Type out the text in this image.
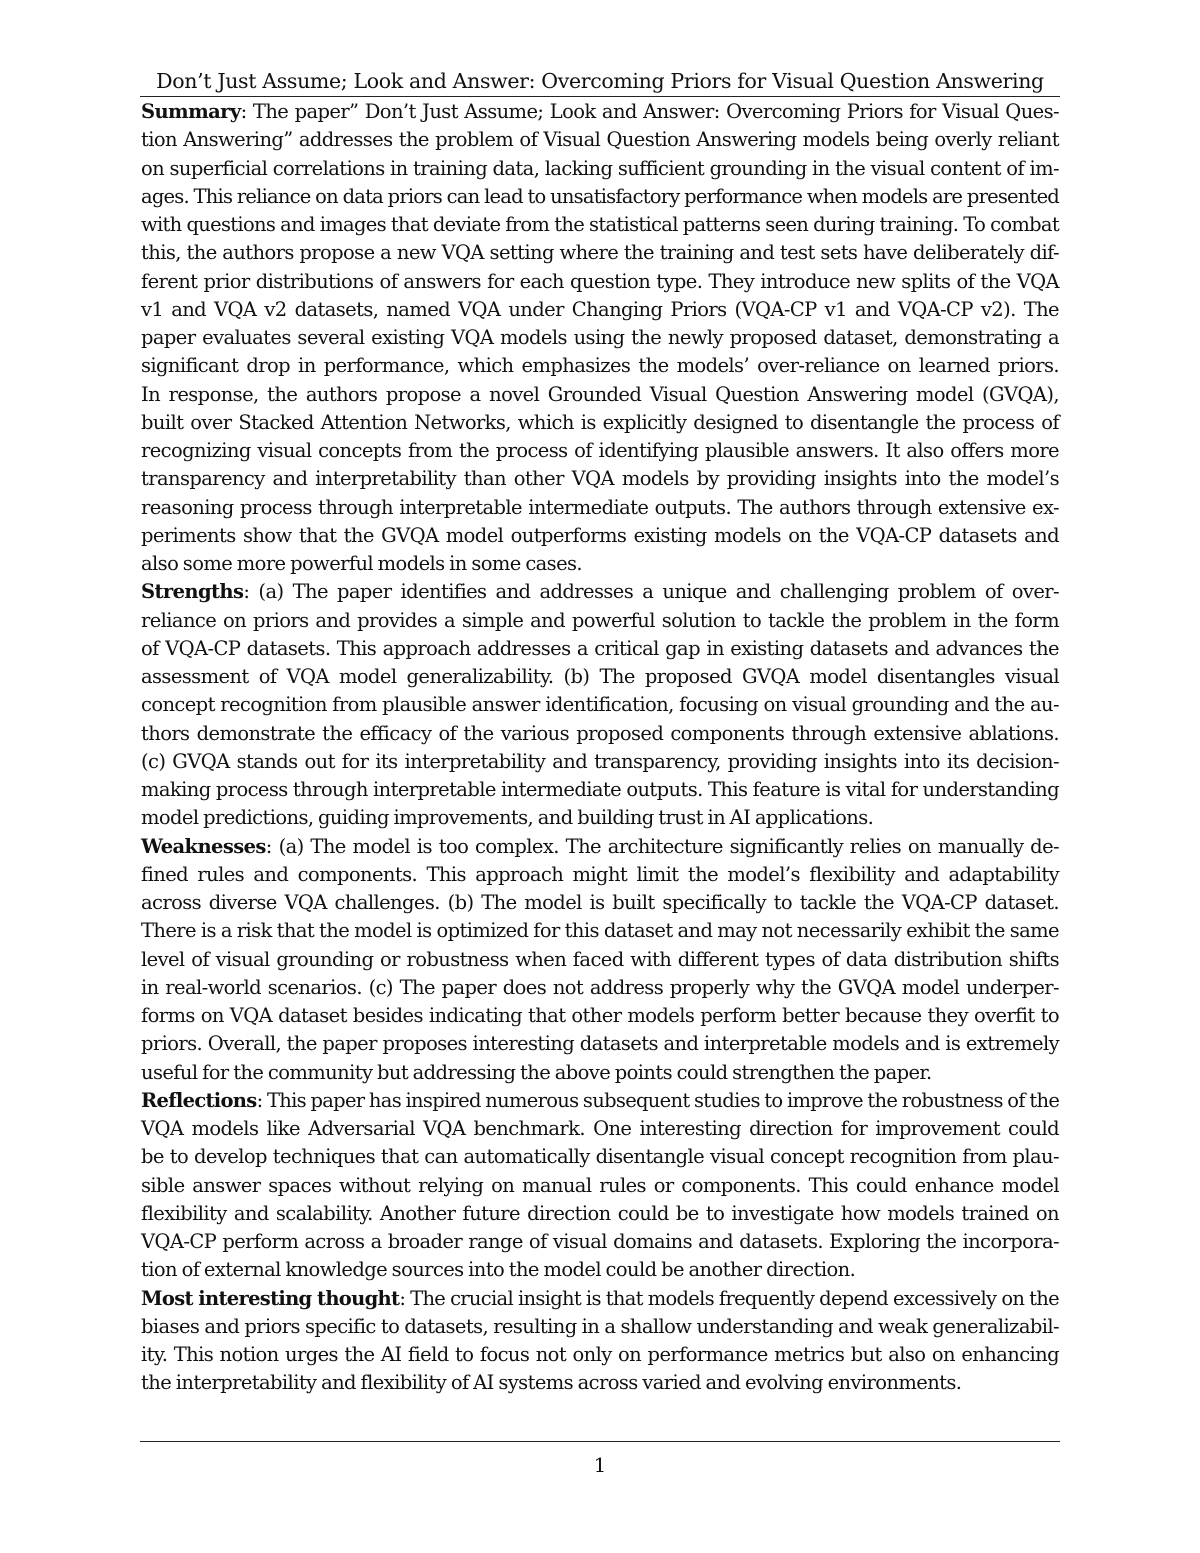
Don’t Just Assume; Look and Answer: Overcoming Priors for Visual Question Answering
Summary: The paper” Don’t Just Assume; Look and Answer: Overcoming Priors for Visual Ques-
tion Answering” addresses the problem of Visual Question Answering models being overly reliant
on superficial correlations in training data, lacking sufficient grounding in the visual content of im-
ages. This reliance on data priors can lead to unsatisfactory performance when models are presented
with questions and images that deviate from the statistical patterns seen during training. To combat
this, the authors propose a new VQA setting where the training and test sets have deliberately dif-
ferent prior distributions of answers for each question type. They introduce new splits of the VQA
v1 and VQA v2 datasets, named VQA under Changing Priors (VQA-CP v1 and VQA-CP v2). The
paper evaluates several existing VQA models using the newly proposed dataset, demonstrating a
significant drop in performance, which emphasizes the models’ over-reliance on learned priors.
In response, the authors propose a novel Grounded Visual Question Answering model (GVQA),
built over Stacked Attention Networks, which is explicitly designed to disentangle the process of
recognizing visual concepts from the process of identifying plausible answers. It also offers more
transparency and interpretability than other VQA models by providing insights into the model’s
reasoning process through interpretable intermediate outputs. The authors through extensive ex-
periments show that the GVQA model outperforms existing models on the VQA-CP datasets and
also some more powerful models in some cases.
Strengths: (a) The paper identifies and addresses a unique and challenging problem of over-
reliance on priors and provides a simple and powerful solution to tackle the problem in the form
of VQA-CP datasets. This approach addresses a critical gap in existing datasets and advances the
assessment of VQA model generalizability. (b) The proposed GVQA model disentangles visual
concept recognition from plausible answer identification, focusing on visual grounding and the au-
thors demonstrate the efficacy of the various proposed components through extensive ablations.
(c) GVQA stands out for its interpretability and transparency, providing insights into its decision-
making process through interpretable intermediate outputs. This feature is vital for understanding
model predictions, guiding improvements, and building trust in AI applications.
Weaknesses: (a) The model is too complex. The architecture significantly relies on manually de-
fined rules and components. This approach might limit the model’s flexibility and adaptability
across diverse VQA challenges. (b) The model is built specifically to tackle the VQA-CP dataset.
There is a risk that the model is optimized for this dataset and may not necessarily exhibit the same
level of visual grounding or robustness when faced with different types of data distribution shifts
in real-world scenarios. (c) The paper does not address properly why the GVQA model underper-
forms on VQA dataset besides indicating that other models perform better because they overfit to
priors. Overall, the paper proposes interesting datasets and interpretable models and is extremely
useful for the community but addressing the above points could strengthen the paper.
Reflections: This paper has inspired numerous subsequent studies to improve the robustness of the
VQA models like Adversarial VQA benchmark. One interesting direction for improvement could
be to develop techniques that can automatically disentangle visual concept recognition from plau-
sible answer spaces without relying on manual rules or components. This could enhance model
flexibility and scalability. Another future direction could be to investigate how models trained on
VQA-CP perform across a broader range of visual domains and datasets. Exploring the incorpora-
tion of external knowledge sources into the model could be another direction.
Most interesting thought: The crucial insight is that models frequently depend excessively on the
biases and priors specific to datasets, resulting in a shallow understanding and weak generalizabil-
ity. This notion urges the AI field to focus not only on performance metrics but also on enhancing
the interpretability and flexibility of AI systems across varied and evolving environments.
1
